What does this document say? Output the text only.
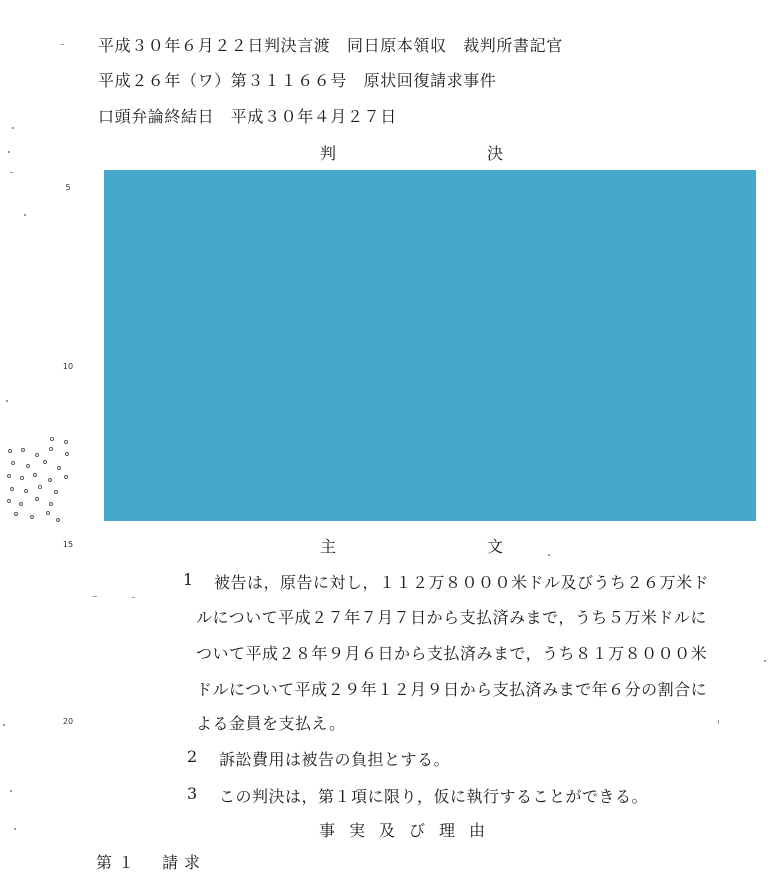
平成３０年６月２２日判決言渡　同日原本領収　裁判所書記官
平成２６年（ワ）第３１１６６号　原状回復請求事件
口頭弁論終結日　平成３０年４月２７日
判	決
5
10
15
20
主	文
1 被告は，原告に対し，１１２万８０００米ドル及びうち２６万米ド
ルについて平成２７年７月７日から支払済みまで，うち５万米ドルに
ついて平成２８年９月６日から支払済みまで，うち８１万８０００米
ドルについて平成２９年１２月９日から支払済みまで年６分の割合に
よる金員を支払え。
2 訴訟費用は被告の負担とする。
3 この判決は，第１項に限り，仮に執行することができる。
事実及び理由
第１　請求
